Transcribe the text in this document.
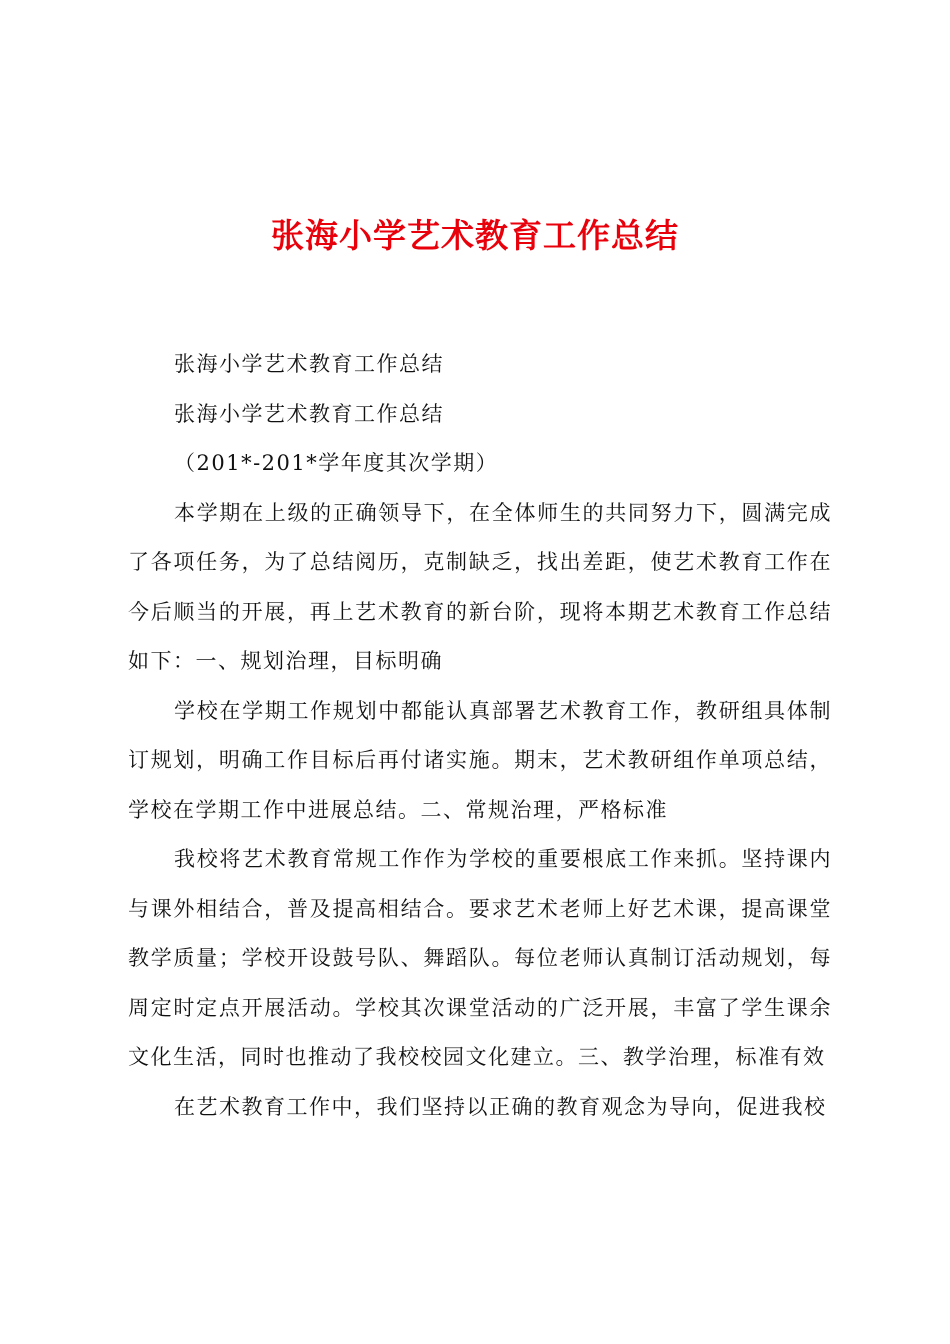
张海小学艺术教育工作总结

张海小学艺术教育工作总结

张海小学艺术教育工作总结

（201*-201*学年度其次学期）

本学期在上级的正确领导下，在全体师生的共同努力下，圆满完成了各项任务，为了总结阅历，克制缺乏，找出差距，使艺术教育工作在今后顺当的开展，再上艺术教育的新台阶，现将本期艺术教育工作总结如下：一、规划治理，目标明确

学校在学期工作规划中都能认真部署艺术教育工作，教研组具体制订规划，明确工作目标后再付诸实施。期末，艺术教研组作单项总结，学校在学期工作中进展总结。二、常规治理，严格标准

我校将艺术教育常规工作作为学校的重要根底工作来抓。坚持课内与课外相结合，普及提高相结合。要求艺术老师上好艺术课，提高课堂教学质量；学校开设鼓号队、舞蹈队。每位老师认真制订活动规划，每周定时定点开展活动。学校其次课堂活动的广泛开展，丰富了学生课余文化生活，同时也推动了我校校园文化建立。三、教学治理，标准有效

在艺术教育工作中，我们坚持以正确的教育观念为导向，促进我校
